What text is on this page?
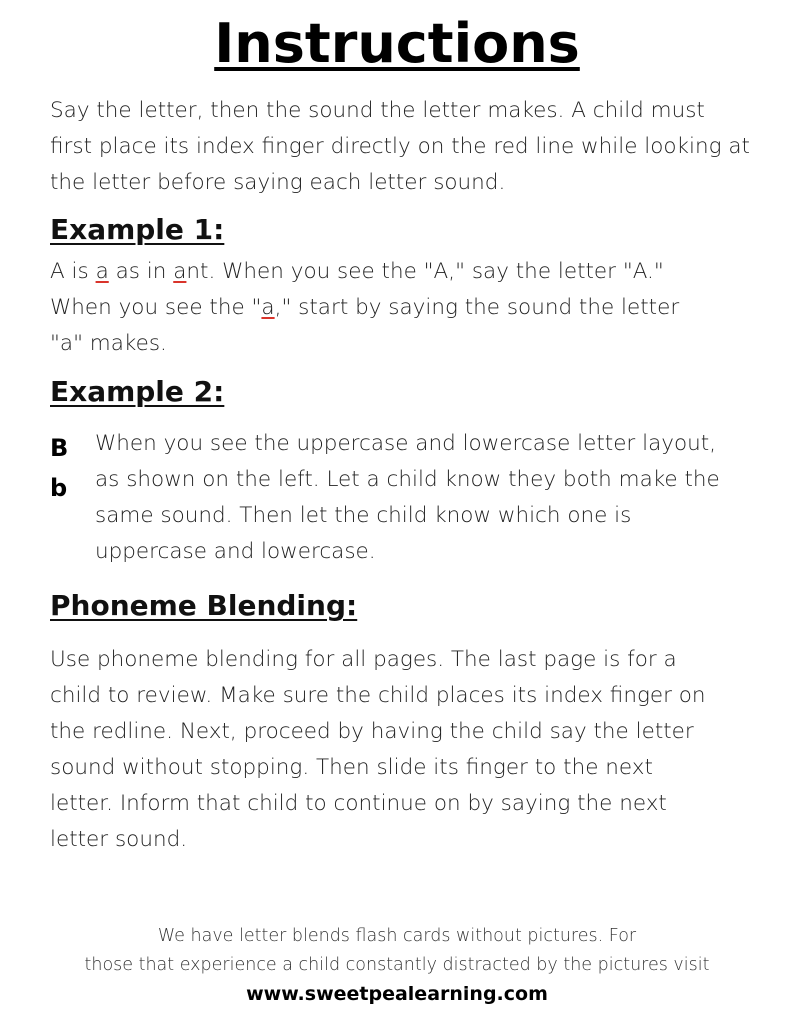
Instructions

Say the letter, then the sound the letter makes. A child must first place its index finger directly on the red line while looking at the letter before saying each letter sound.

Example 1:

A is a as in ant. When you see the "A," say the letter "A." When you see the "a," start by saying the sound the letter "a" makes.

Example 2:
B
b

When you see the uppercase and lowercase letter layout, as shown on the left. Let a child know they both make the same sound. Then let the child know which one is uppercase and lowercase.

Phoneme Blending:

Use phoneme blending for all pages. The last page is for a child to review. Make sure the child places its index finger on the redline. Next, proceed by having the child say the letter sound without stopping. Then slide its finger to the next letter. Inform that child to continue on by saying the next letter sound.

We have letter blends flash cards without pictures. For
those that experience a child constantly distracted by the pictures visit
www.sweetpealearning.com
